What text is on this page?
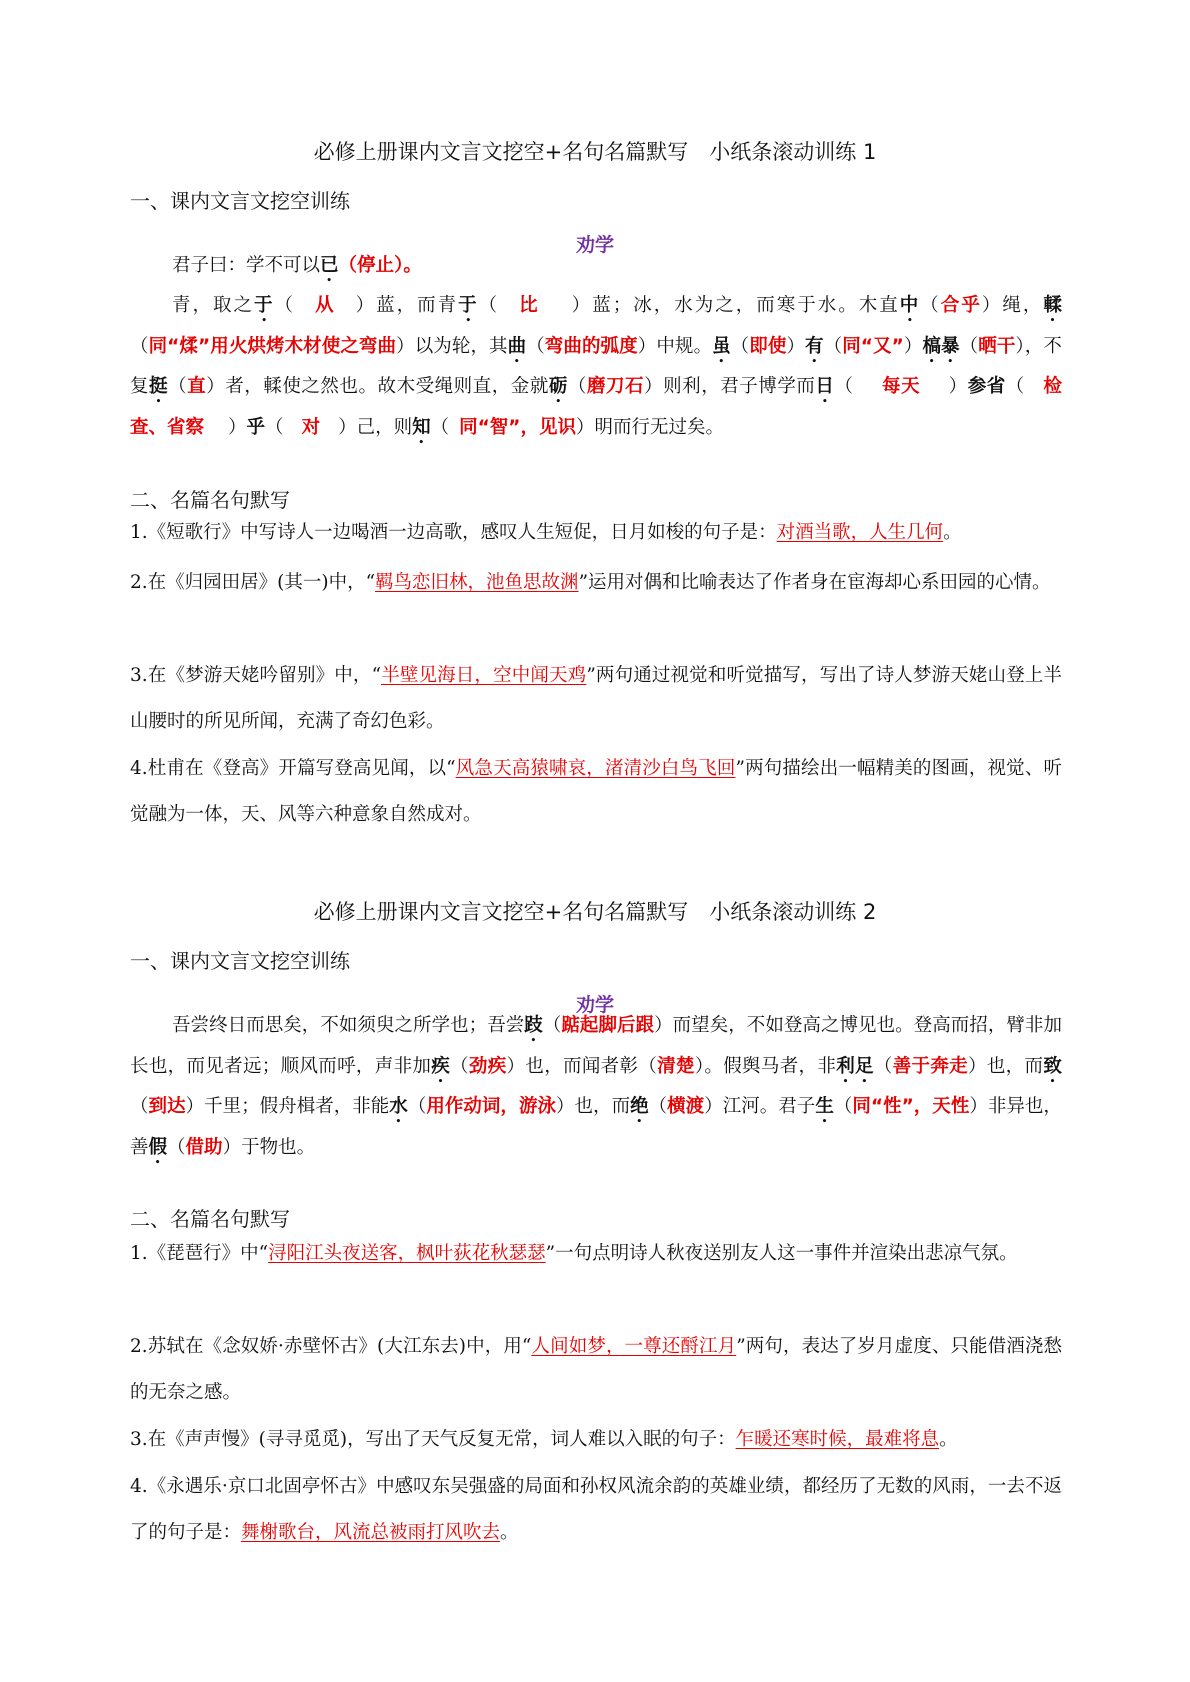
必修上册课内文言文挖空+名句名篇默写　小纸条滚动训练 1
一、课内文言文挖空训练
劝学
君子曰：学不可以已（停止）。
青，取之于（ 从 ）蓝，而青于（ 比 ）蓝；冰，水为之，而寒于水。木直中（合乎）绳，輮（同“煣”用火烘烤木材使之弯曲）以为轮，其曲（弯曲的弧度）中规。虽（即使）有（同“又”）槁暴（晒干），不复挺（直）者，輮使之然也。故木受绳则直，金就砺（磨刀石）则利，君子博学而日（ 每天 ）参省（ 检查、省察 ）乎（ 对 ）己，则知（ 同“智”，见识）明而行无过矣。
二、名篇名句默写
1.《短歌行》中写诗人一边喝酒一边高歌，感叹人生短促，日月如梭的句子是：对酒当歌，人生几何。
2.在《归园田居》(其一)中，“羁鸟恋旧林，池鱼思故渊”运用对偶和比喻表达了作者身在宦海却心系田园的心情。
3.在《梦游天姥吟留别》中，“半壁见海日，空中闻天鸡”两句通过视觉和听觉描写，写出了诗人梦游天姥山登上半山腰时的所见所闻，充满了奇幻色彩。
4.杜甫在《登高》开篇写登高见闻，以“风急天高猿啸哀，渚清沙白鸟飞回”两句描绘出一幅精美的图画，视觉、听觉融为一体，天、风等六种意象自然成对。
必修上册课内文言文挖空+名句名篇默写　小纸条滚动训练 2
一、课内文言文挖空训练
劝学
吾尝终日而思矣，不如须臾之所学也；吾尝跂（踮起脚后跟）而望矣，不如登高之博见也。登高而招，臂非加长也，而见者远；顺风而呼，声非加疾（劲疾）也，而闻者彰（清楚）。假舆马者，非利足（善于奔走）也，而致（到达）千里；假舟楫者，非能水（用作动词，游泳）也，而绝（横渡）江河。君子生（同“性”，天性）非异也，善假（借助）于物也。
二、名篇名句默写
1.《琵琶行》中“浔阳江头夜送客，枫叶荻花秋瑟瑟”一句点明诗人秋夜送别友人这一事件并渲染出悲凉气氛。
2.苏轼在《念奴娇·赤壁怀古》(大江东去)中，用“人间如梦，一尊还酹江月”两句，表达了岁月虚度、只能借酒浇愁的无奈之感。
3.在《声声慢》(寻寻觅觅)，写出了天气反复无常，词人难以入眠的句子：乍暖还寒时候，最难将息。
4.《永遇乐·京口北固亭怀古》中感叹东吴强盛的局面和孙权风流余韵的英雄业绩，都经历了无数的风雨，一去不返了的句子是：舞榭歌台，风流总被雨打风吹去。
